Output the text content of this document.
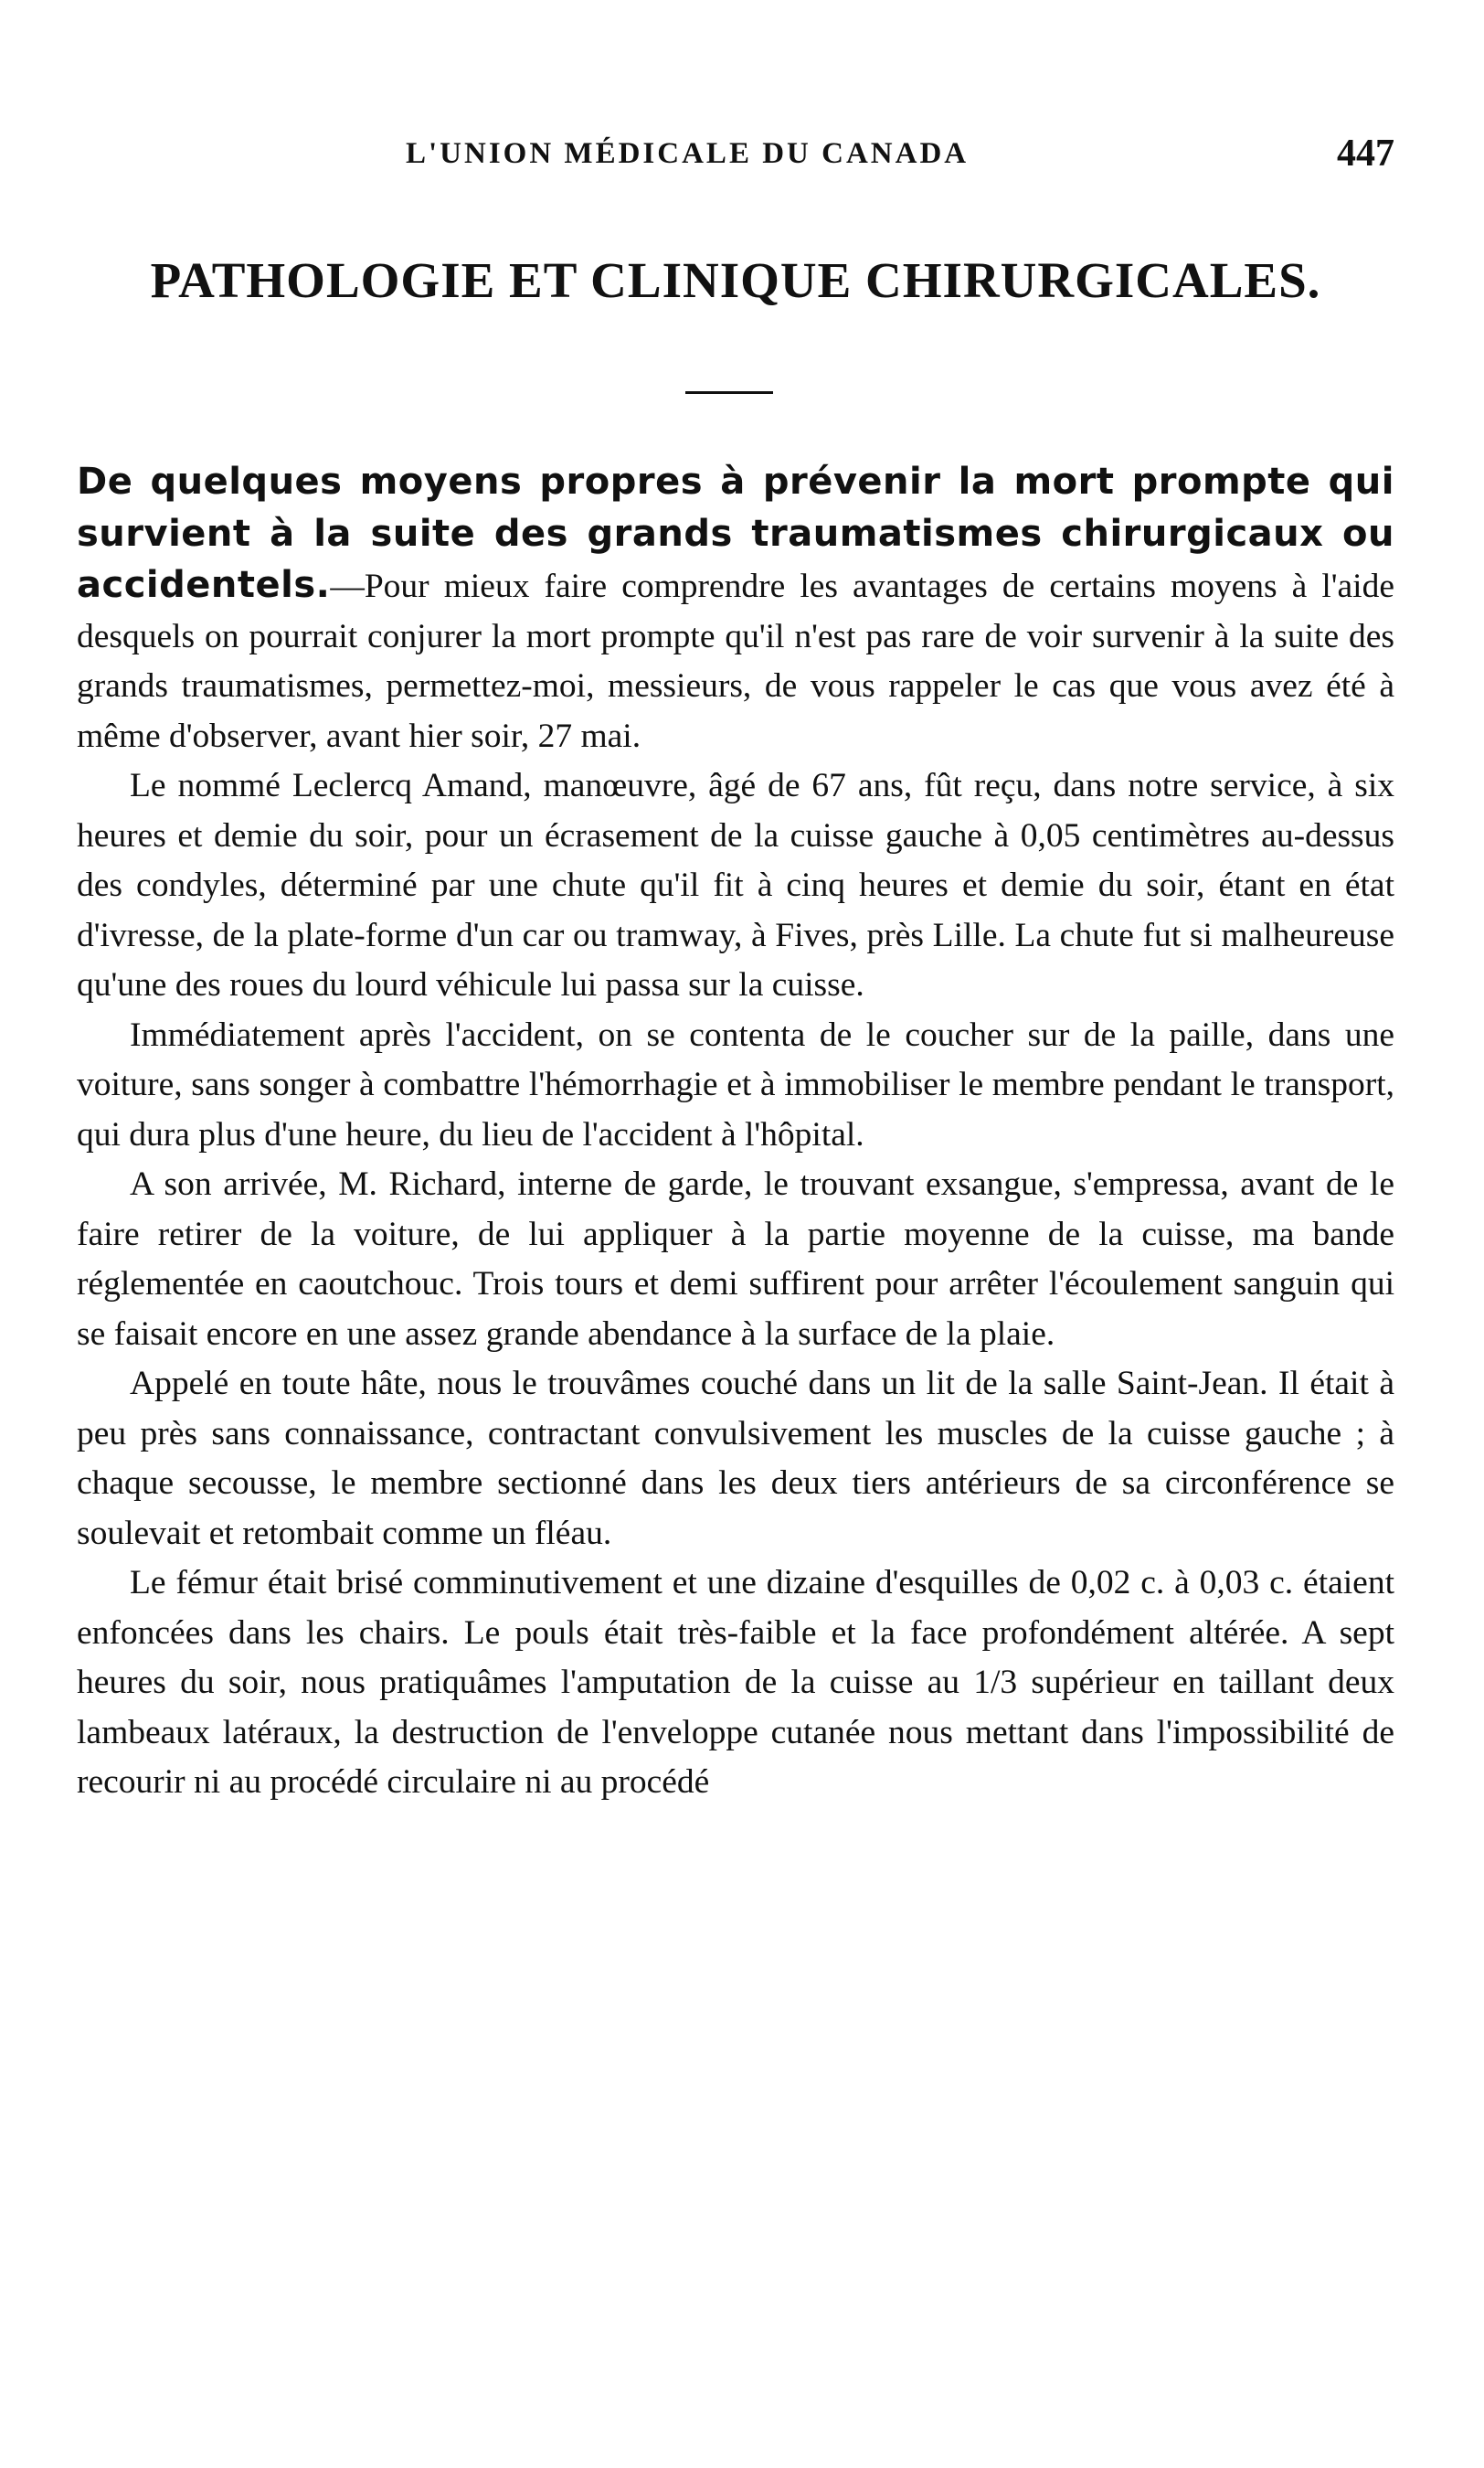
L'UNION MÉDICALE DU CANADA	447
PATHOLOGIE ET CLINIQUE CHIRURGICALES.

De quelques moyens propres à prévenir la mort prompte qui survient à la suite des grands traumatismes chirurgicaux ou accidentels.—Pour mieux faire comprendre les avantages de certains moyens à l'aide desquels on pourrait conjurer la mort prompte qu'il n'est pas rare de voir survenir à la suite des grands traumatismes, permettez-moi, messieurs, de vous rappeler le cas que vous avez été à même d'observer, avant hier soir, 27 mai.

Le nommé Leclercq Amand, manœuvre, âgé de 67 ans, fût reçu, dans notre service, à six heures et demie du soir, pour un écrasement de la cuisse gauche à 0,05 centimètres au-dessus des condyles, déterminé par une chute qu'il fit à cinq heures et demie du soir, étant en état d'ivresse, de la plate-forme d'un car ou tramway, à Fives, près Lille. La chute fut si malheureuse qu'une des roues du lourd véhicule lui passa sur la cuisse.

Immédiatement après l'accident, on se contenta de le coucher sur de la paille, dans une voiture, sans songer à combattre l'hémorrhagie et à immobiliser le membre pendant le transport, qui dura plus d'une heure, du lieu de l'accident à l'hôpital.

A son arrivée, M. Richard, interne de garde, le trouvant exsangue, s'empressa, avant de le faire retirer de la voiture, de lui appliquer à la partie moyenne de la cuisse, ma bande réglementée en caoutchouc. Trois tours et demi suffirent pour arrêter l'écoulement sanguin qui se faisait encore en une assez grande abendance à la surface de la plaie.

Appelé en toute hâte, nous le trouvâmes couché dans un lit de la salle Saint-Jean. Il était à peu près sans connaissance, contractant convulsivement les muscles de la cuisse gauche ; à chaque secousse, le membre sectionné dans les deux tiers antérieurs de sa circonférence se soulevait et retombait comme un fléau.

Le fémur était brisé comminutivement et une dizaine d'esquilles de 0,02 c. à 0,03 c. étaient enfoncées dans les chairs. Le pouls était très-faible et la face profondément altérée. A sept heures du soir, nous pratiquâmes l'amputation de la cuisse au 1/3 supérieur en taillant deux lambeaux latéraux, la destruction de l'enveloppe cutanée nous mettant dans l'impossibilité de recourir ni au procédé circulaire ni au procédé
